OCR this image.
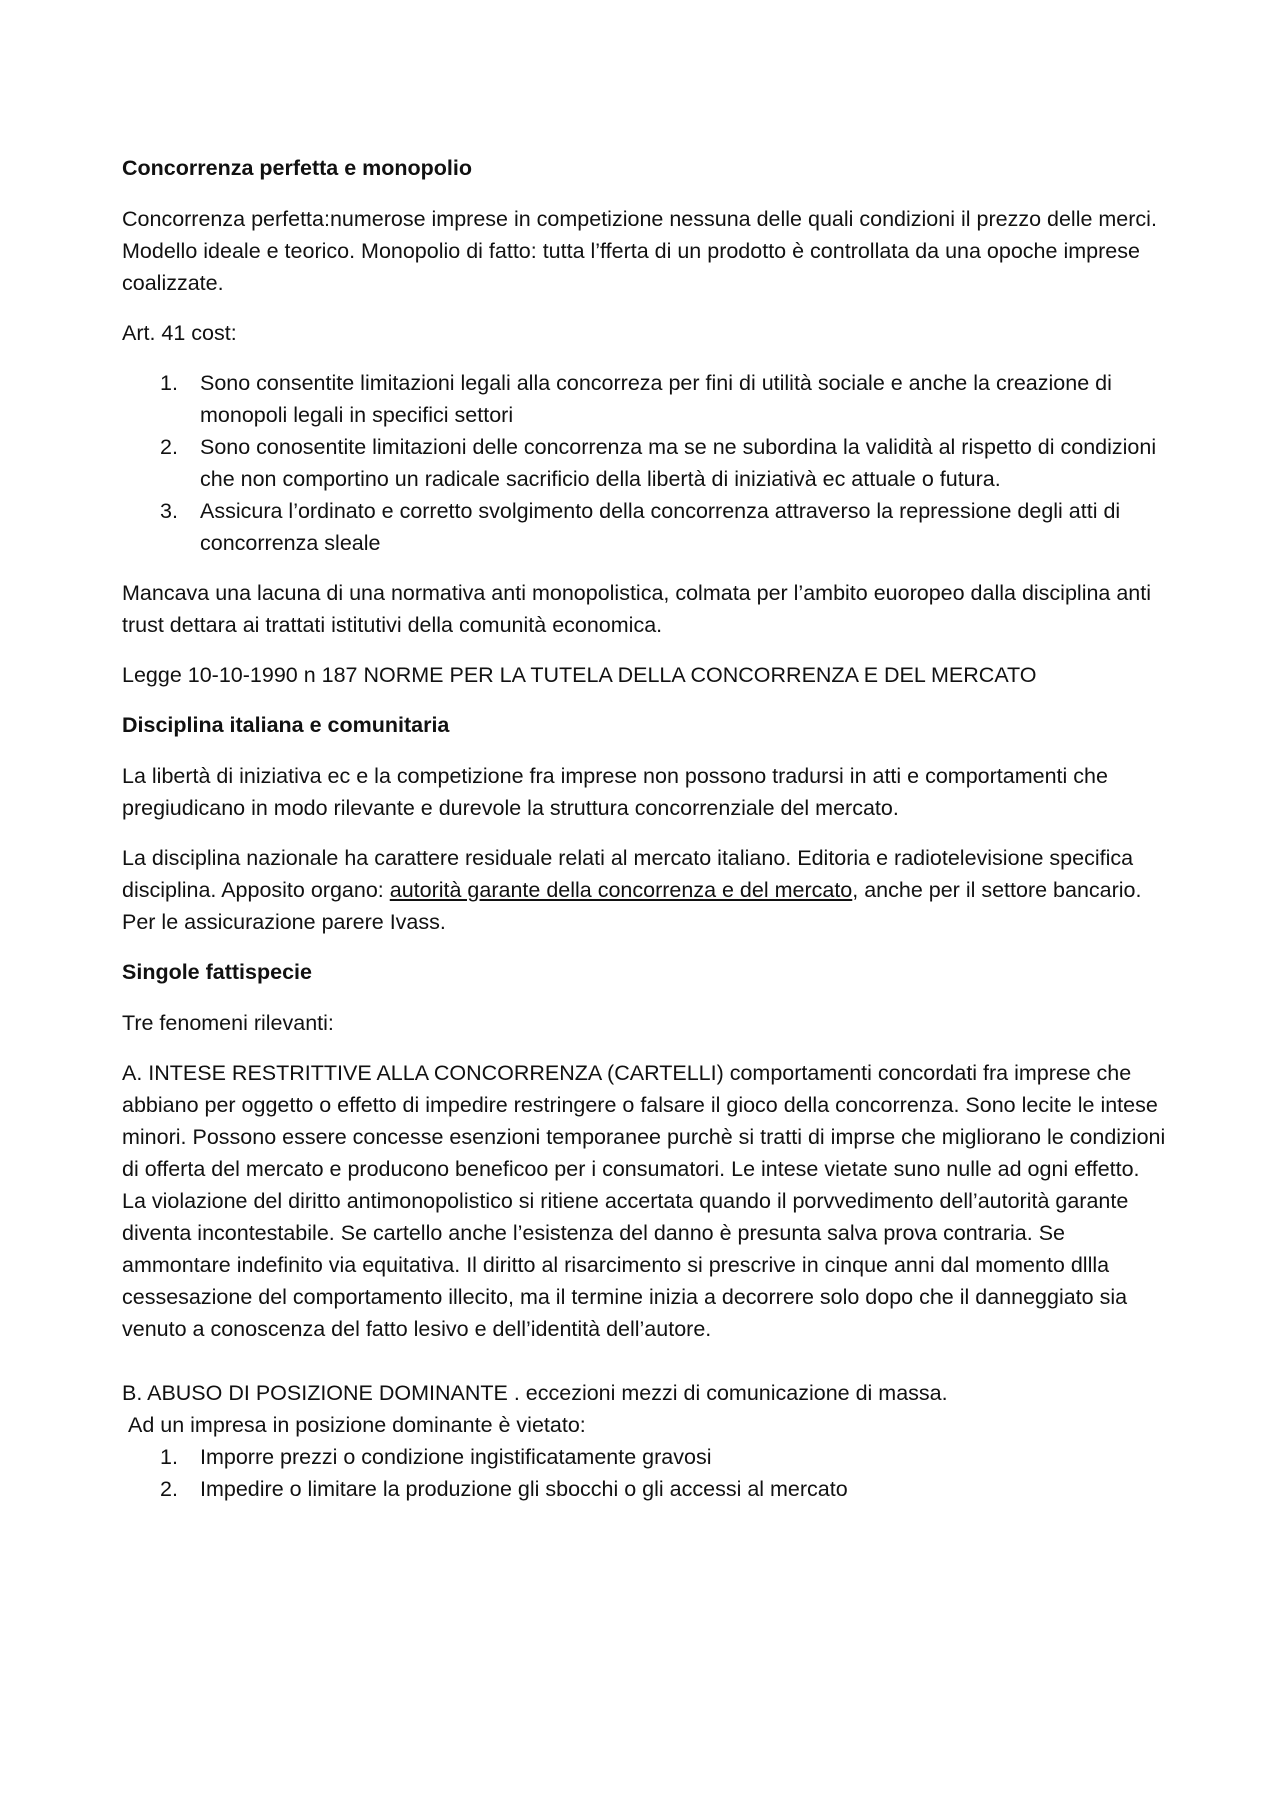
Concorrenza perfetta e monopolio

Concorrenza perfetta:numerose imprese in competizione nessuna delle quali condizioni il prezzo delle merci. Modello ideale e teorico. Monopolio di fatto: tutta l’fferta di un prodotto è controllata da una opoche imprese coalizzate.

Art. 41 cost:

1. Sono consentite limitazioni legali alla concorreza per fini di utilità sociale e anche la creazione di monopoli legali in specifici settori
2. Sono conosentite limitazioni delle concorrenza ma se ne subordina la validità al rispetto di condizioni che non comportino un radicale sacrificio della libertà di iniziativà ec attuale o futura.
3. Assicura l’ordinato e corretto svolgimento della concorrenza attraverso la repressione degli atti di concorrenza sleale

Mancava una lacuna di una normativa anti monopolistica, colmata per l’ambito euoropeo dalla disciplina anti trust dettara ai trattati istitutivi della comunità economica.

Legge 10-10-1990 n 187 NORME PER LA TUTELA DELLA CONCORRENZA E DEL MERCATO

Disciplina italiana e comunitaria

La libertà di iniziativa ec e la competizione fra imprese non possono tradursi in atti e comportamenti che pregiudicano in modo rilevante e durevole la struttura concorrenziale del mercato.

La disciplina nazionale ha carattere residuale relati al mercato italiano. Editoria e radiotelevisione specifica disciplina. Apposito organo: autorità garante della concorrenza e del mercato, anche per il settore bancario. Per le assicurazione parere Ivass.

Singole fattispecie

Tre fenomeni rilevanti:

A. INTESE RESTRITTIVE ALLA CONCORRENZA (CARTELLI) comportamenti concordati fra imprese che abbiano per oggetto o effetto di impedire restringere o falsare il gioco della concorrenza. Sono lecite le intese minori. Possono essere concesse esenzioni temporanee purchè si tratti di imprse che migliorano le condizioni di offerta del mercato e producono beneficoo per i consumatori. Le intese vietate suno nulle ad ogni effetto.

La violazione del diritto antimonopolistico si ritiene accertata quando il porvvedimento dell’autorità garante diventa incontestabile. Se cartello anche l’esistenza del danno è presunta salva prova contraria. Se ammontare indefinito via equitativa. Il diritto al risarcimento si prescrive in cinque anni dal momento dllla cessesazione del comportamento illecito, ma il termine inizia a decorrere solo dopo che il danneggiato sia venuto a conoscenza del fatto lesivo e dell’identità dell’autore.

B. ABUSO DI POSIZIONE DOMINANTE . eccezioni mezzi di comunicazione di massa.

Ad un impresa in posizione dominante è vietato:

1. Imporre prezzi o condizione ingistificatamente gravosi
2. Impedire o limitare la produzione gli sbocchi o gli accessi al mercato
